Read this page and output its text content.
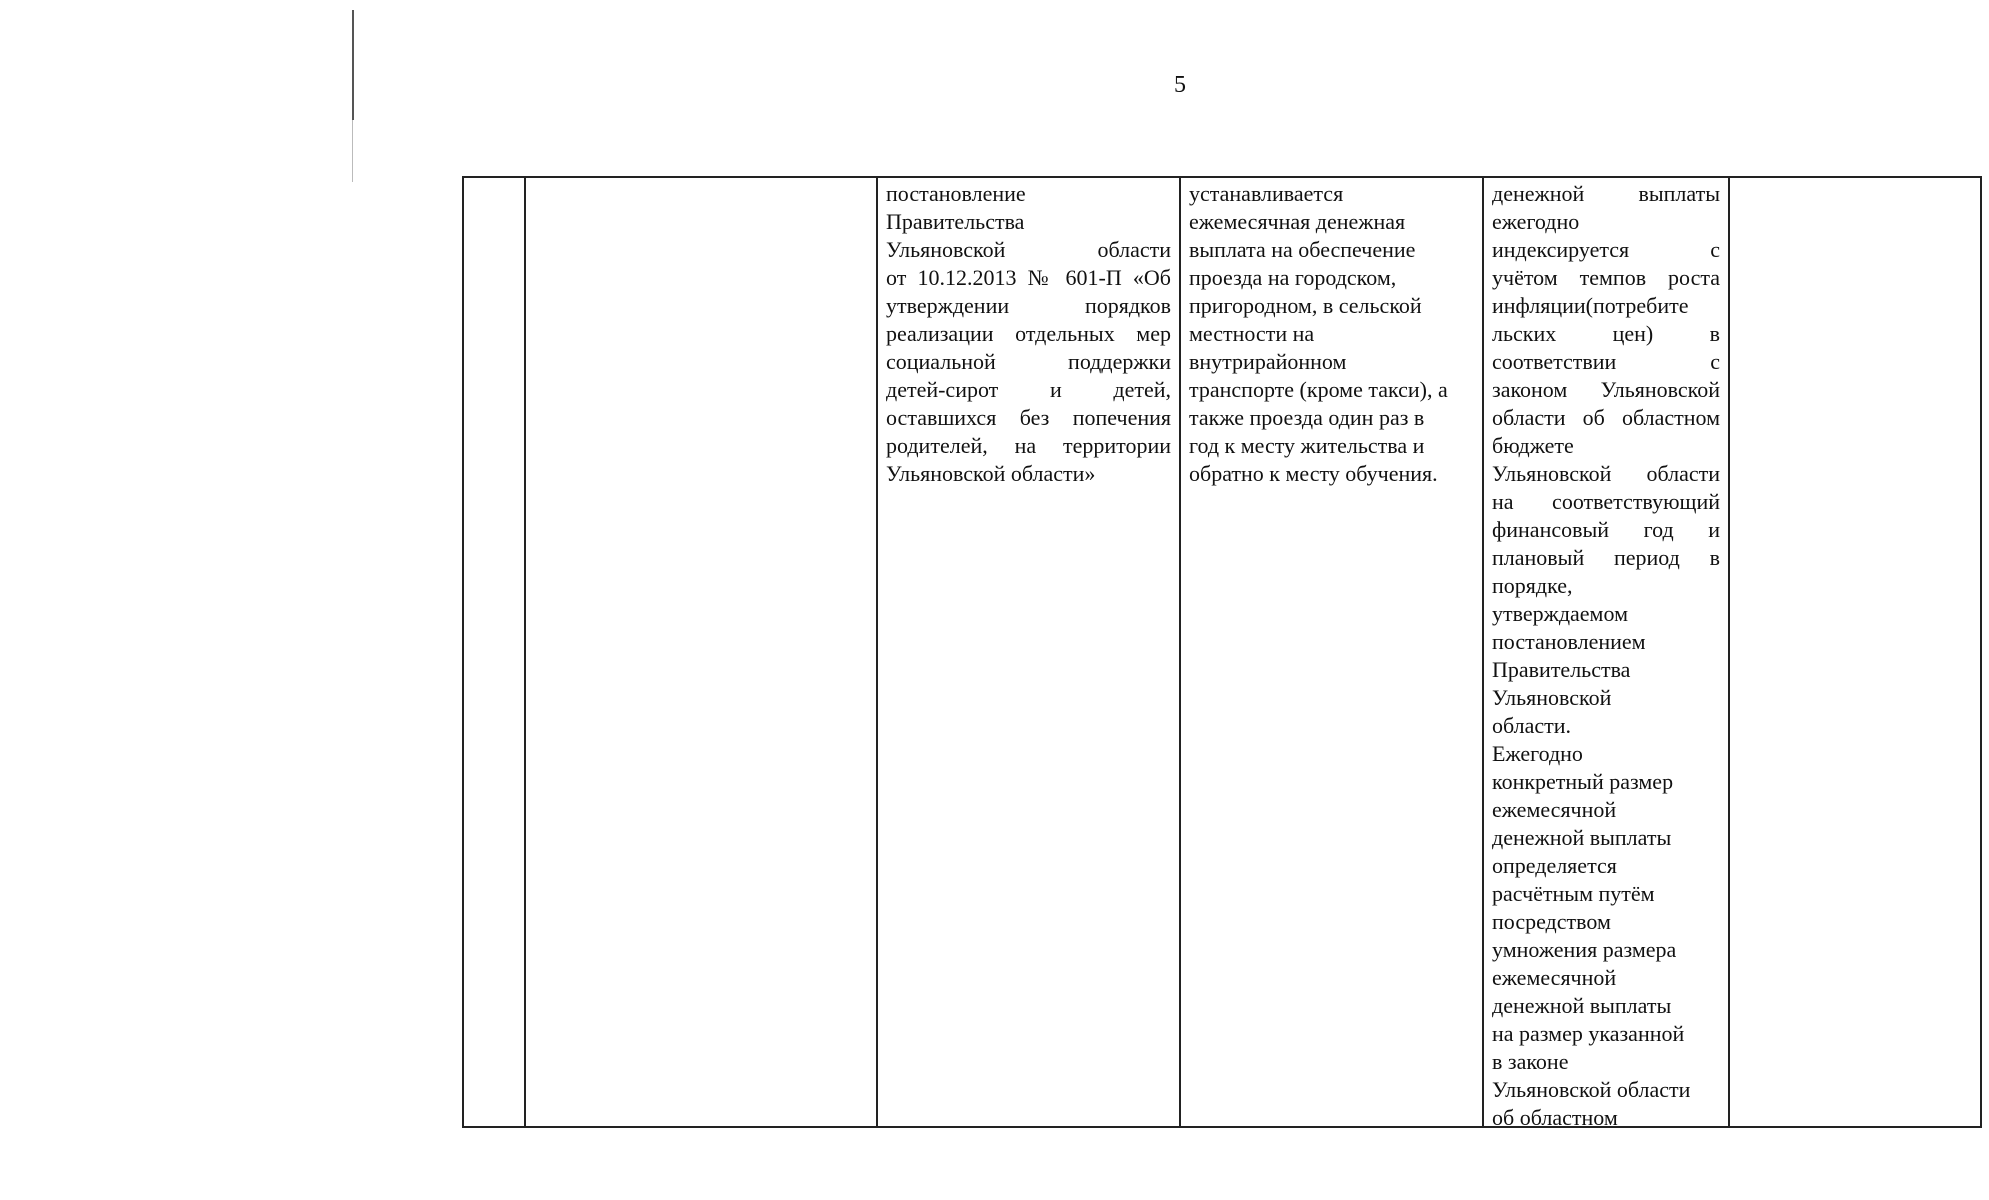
5
постановление
Правительства
Ульяновской области
от 10.12.2013 № 601-П «Об
утверждении порядков
реализации отдельных мер
социальной поддержки
детей-сирот и детей,
оставшихся без попечения
родителей, на территории
Ульяновской области»
устанавливается
ежемесячная денежная
выплата на обеспечение
проезда на городском,
пригородном, в сельской
местности на
внутрирайонном
транспорте (кроме такси), а
также проезда один раз в
год к месту жительства и
обратно к месту обучения.
денежной выплаты
ежегодно
индексируется с
учётом темпов роста
инфляции(потребите
льских цен) в
соответствии с
законом Ульяновской
области об областном
бюджете
Ульяновской области
на соответствующий
финансовый год и
плановый период в
порядке,
утверждаемом
постановлением
Правительства
Ульяновской
области.
Ежегодно
конкретный размер
ежемесячной
денежной выплаты
определяется
расчётным путём
посредством
умножения размера
ежемесячной
денежной выплаты
на размер указанной
в законе
Ульяновской области
об областном
